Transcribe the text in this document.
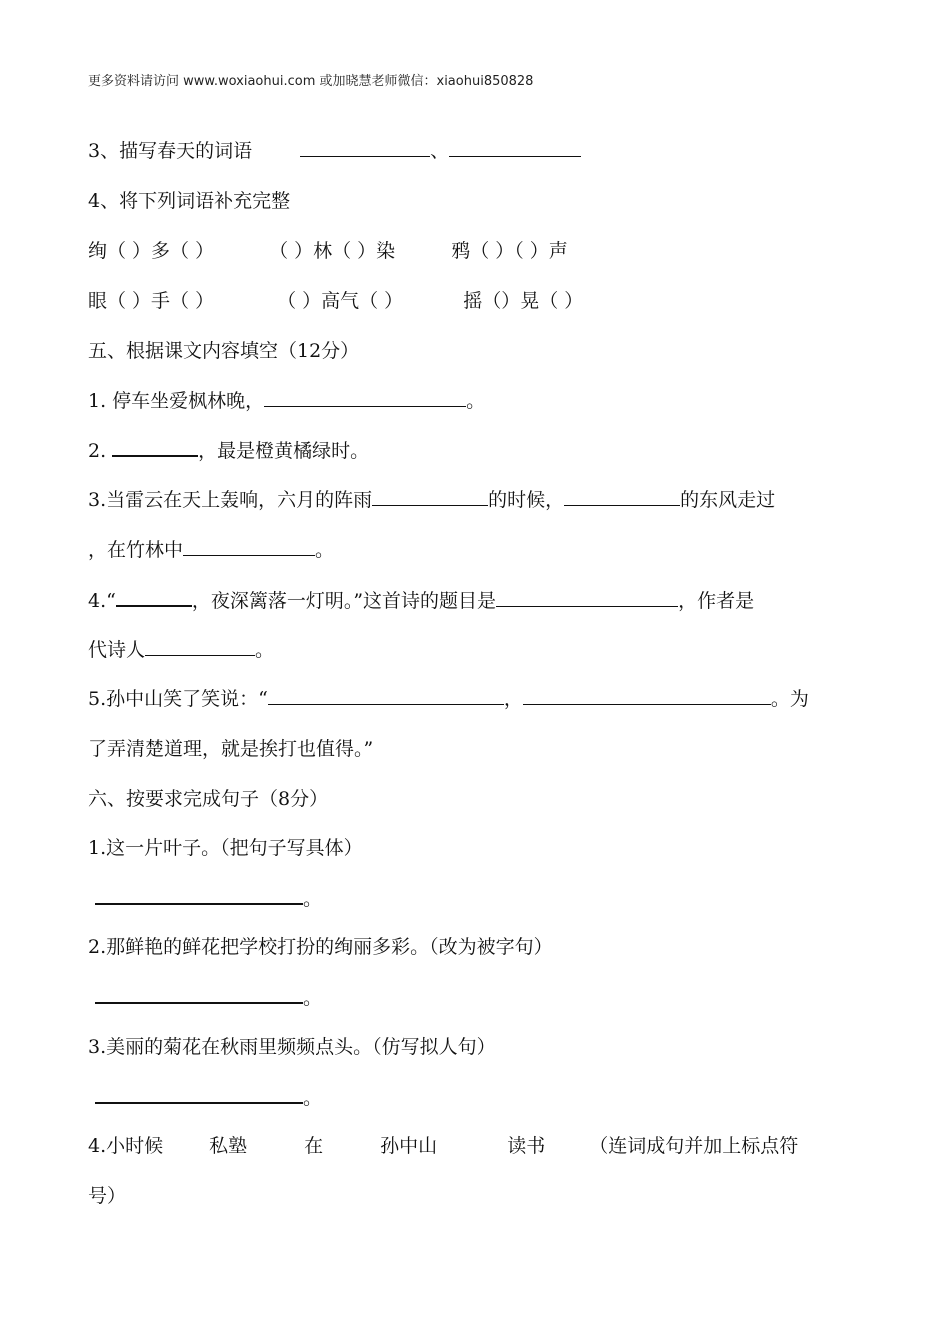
更多资料请访问 www.woxiaohui.com 或加晓慧老师微信：xiaohui850828
3、描写春天的词语	、
4、将下列词语补充完整
绚（ ）多（ ）	（ ）林（ ）染	鸦（ ）（ ）声
眼（ ）手（ ）	（ ）高气（ ）	摇（）晃（ ）
五、根据课文内容填空（12分）
1. 停车坐爱枫林晚，	。
2.	，最是橙黄橘绿时。
3.当雷云在天上轰响，六月的阵雨	的时候，	的东风走过
，在竹林中	。
4.“	，夜深篱落一灯明。”这首诗的题目是	，作者是
代诗人	。
5.孙中山笑了笑说：“	，	。为
了弄清楚道理，就是挨打也值得。”
六、按要求完成句子（8分）
1.这一片叶子。（把句子写具体）
。
2.那鲜艳的鲜花把学校打扮的绚丽多彩。（改为被字句）
。
3.美丽的菊花在秋雨里频频点头。（仿写拟人句）
。
4.小时候 私塾	在	孙中山	读书 （连词成句并加上标点符
号）
